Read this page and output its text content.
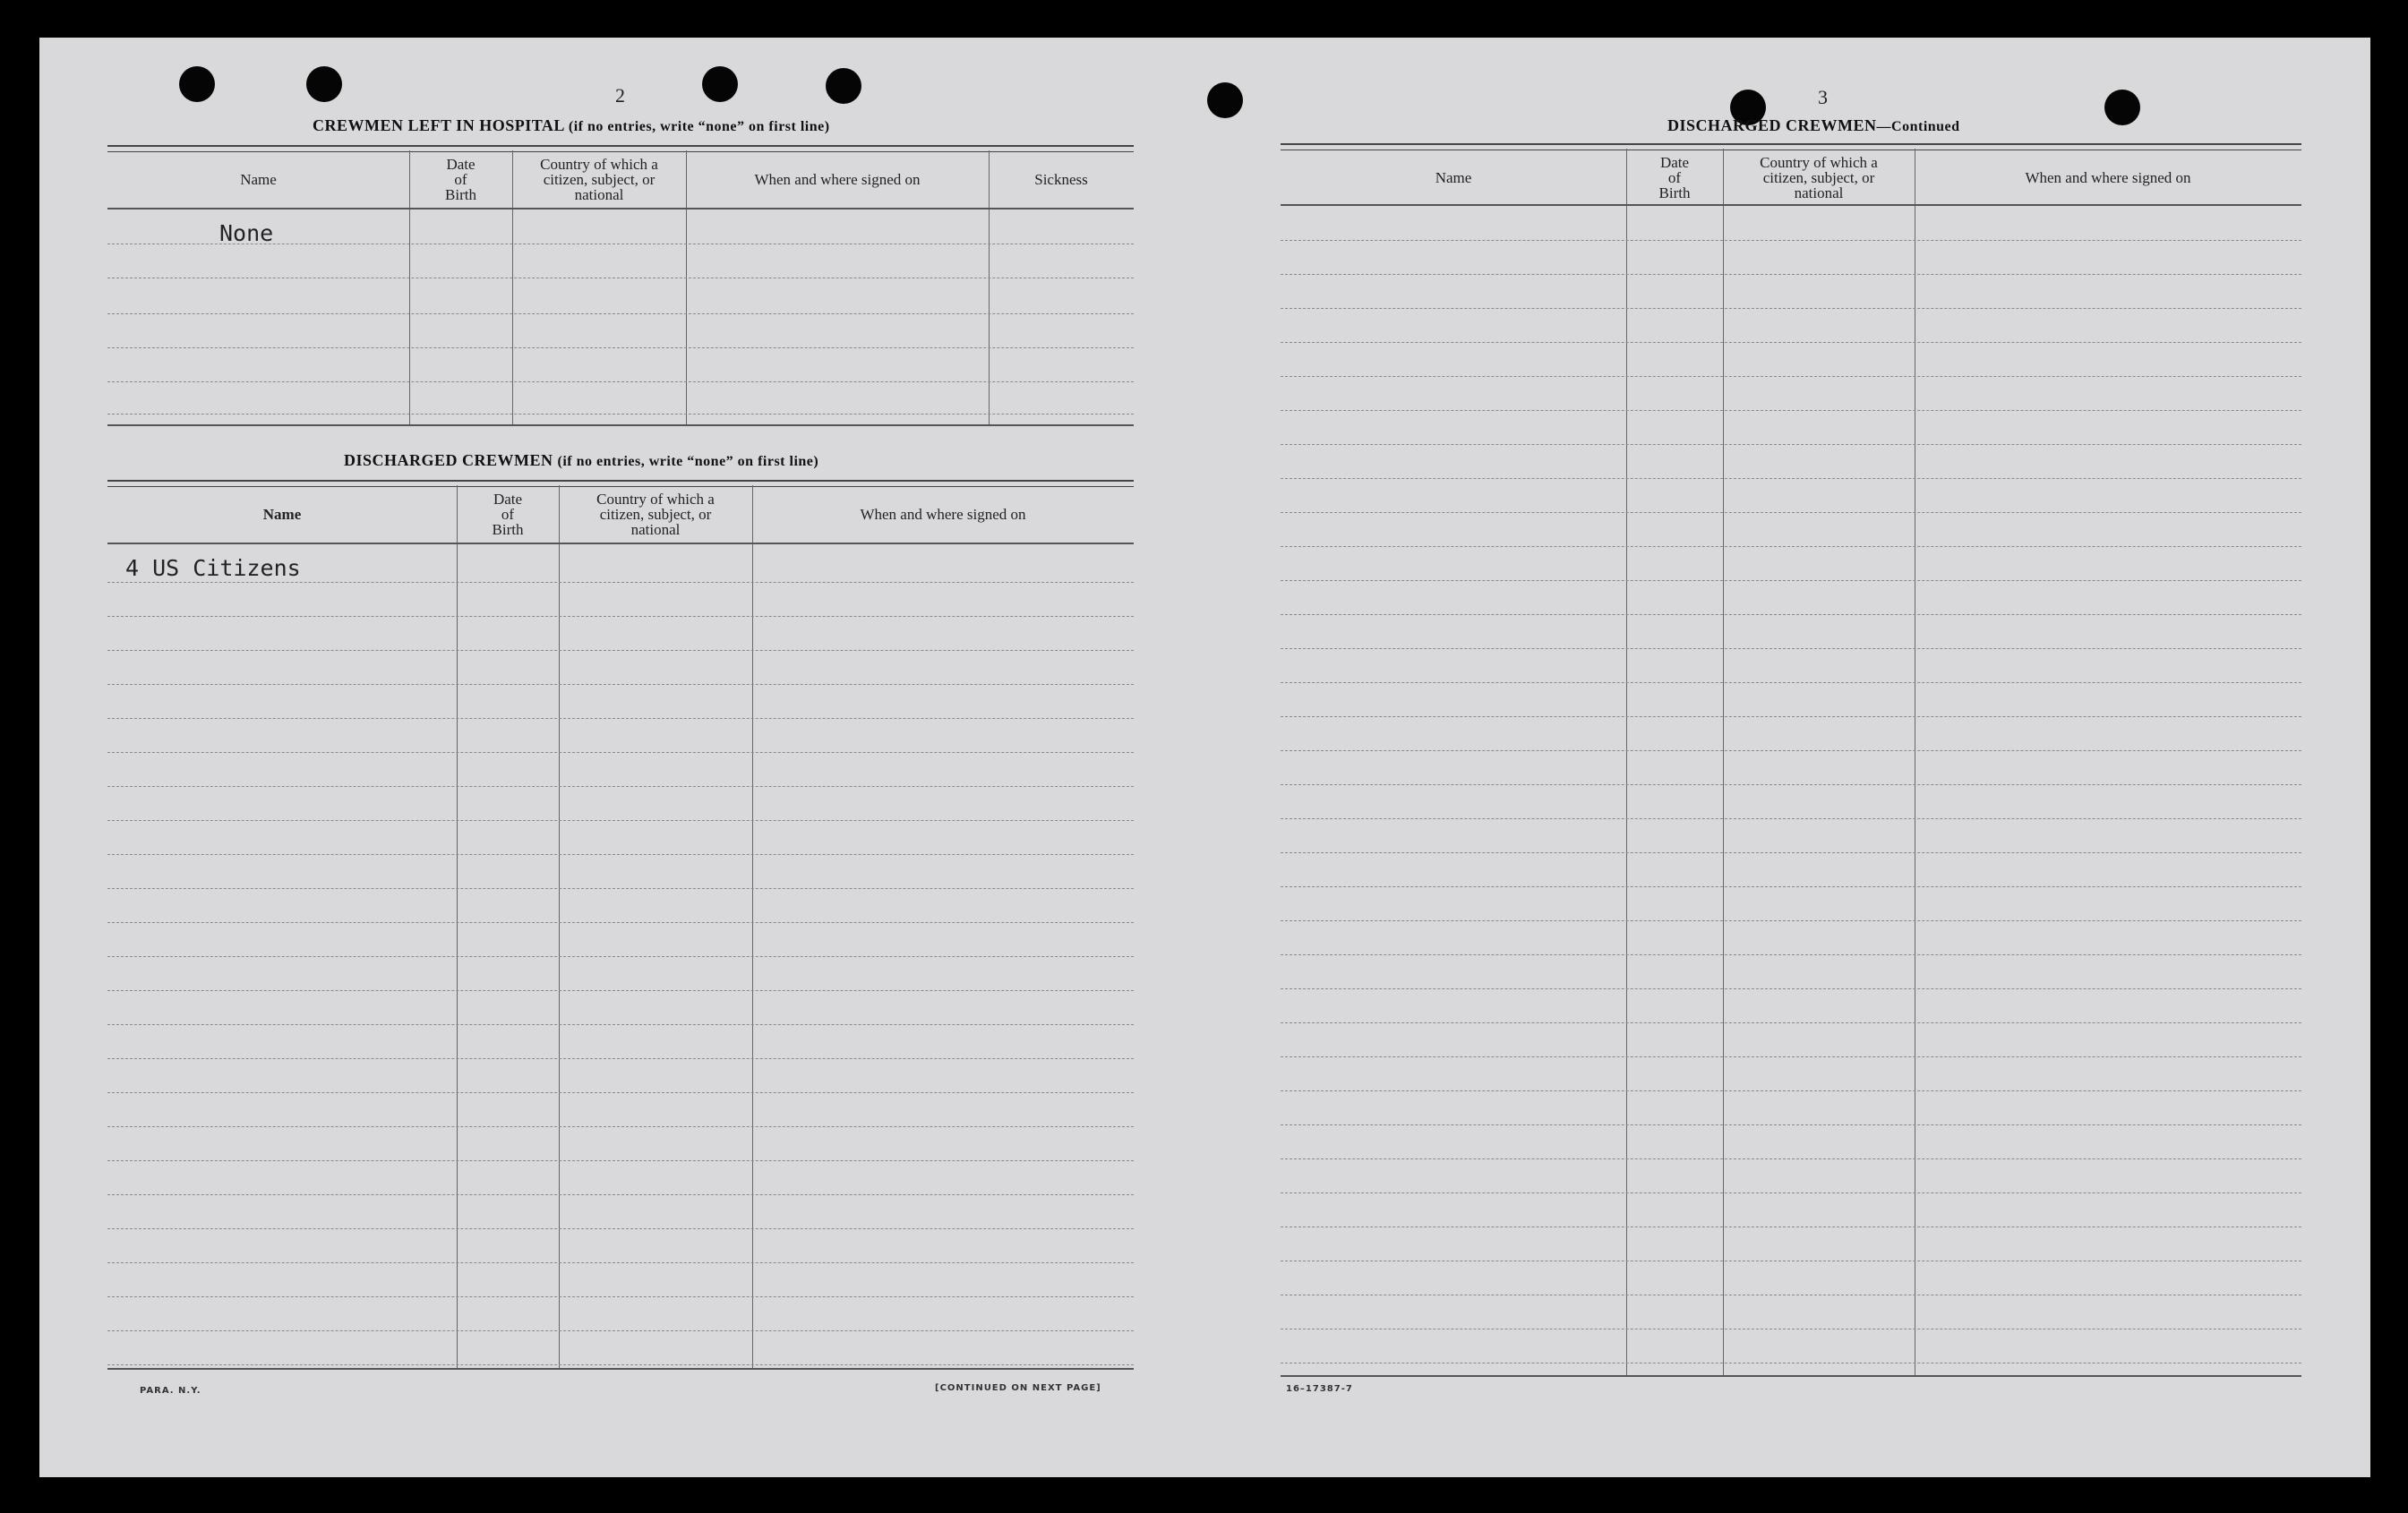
2
CREWMEN LEFT IN HOSPITAL (if no entries, write “none” on first line)
Name
Date
of
Birth
Country of which a
citizen, subject, or
national
When and where signed on	Sickness
None
DISCHARGED CREWMEN (if no entries, write “none” on first line)
Name
Date
of
Birth
Country of which a
citizen, subject, or
national
When and where signed on
4 US Citizens
PARA. N.Y.	[CONTINUED ON NEXT PAGE]
3
DISCHARGED CREWMEN—Continued
Name
Date
of
Birth
Country of which a
citizen, subject, or
national
When and where signed on
16–17387-7
